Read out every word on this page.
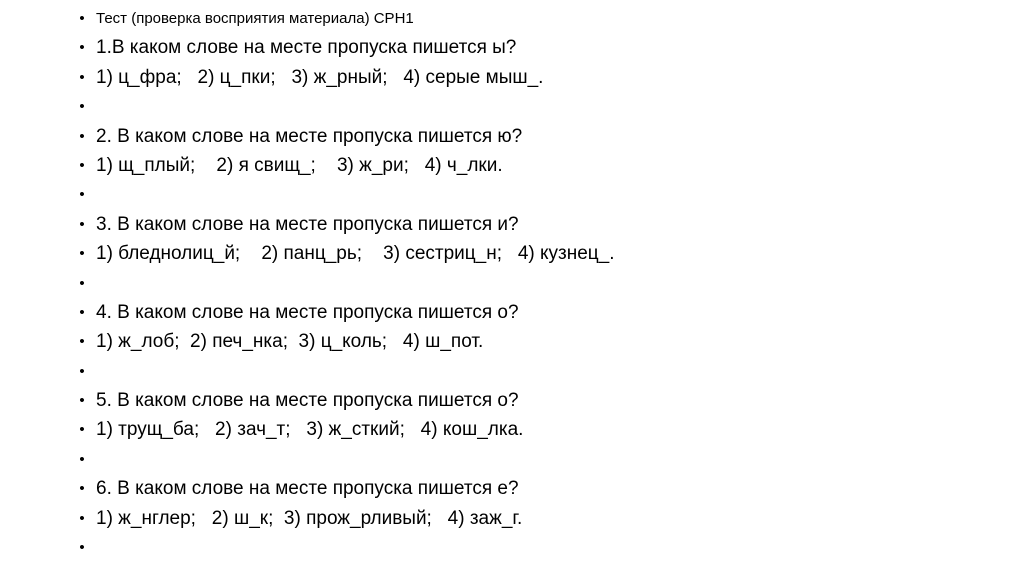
• Тест (проверка восприятия материала) СРН1
• 1.В каком слове на месте пропуска пишется ы?
• 1) ц_фра;   2) ц_пки;   3) ж_рный;   4) серые мыш_.
•
• 2. В каком слове на месте пропуска пишется ю?
• 1) щ_плый;    2) я свищ_;    3) ж_ри;   4) ч_лки.
•
• 3. В каком слове на месте пропуска пишется и?
• 1) бледнолиц_й;    2) панц_рь;    3) сестриц_н;   4) кузнец_.
•
• 4. В каком слове на месте пропуска пишется о?
• 1) ж_лоб;  2) печ_нка;  3) ц_коль;   4) ш_пот.
•
• 5. В каком слове на месте пропуска пишется о?
• 1) трущ_ба;   2) зач_т;   3) ж_сткий;   4) кош_лка.
•
• 6. В каком слове на месте пропуска пишется е?
• 1) ж_нглер;   2) ш_к;  3) прож_рливый;   4) заж_г.
•
